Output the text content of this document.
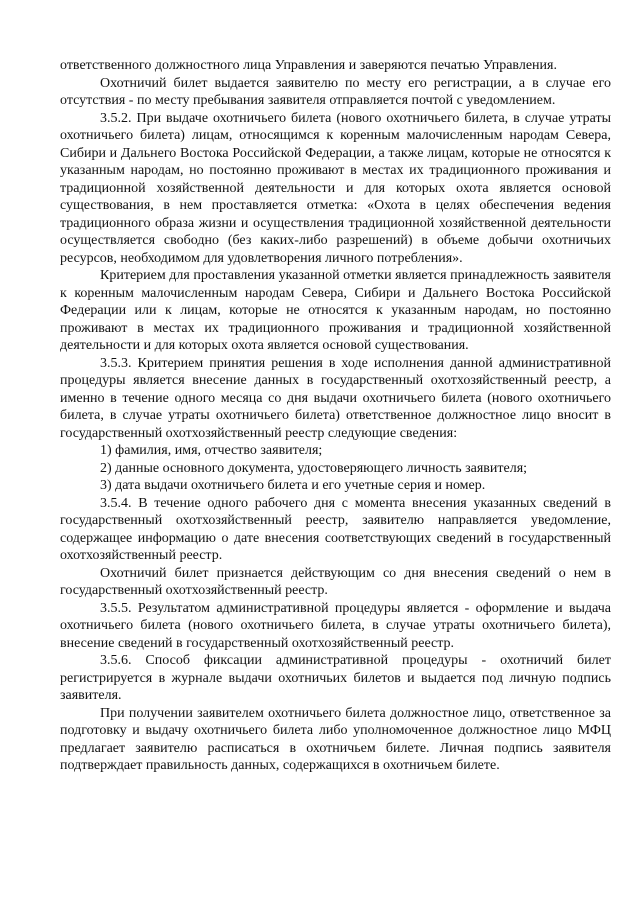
ответственного должностного лица Управления и заверяются печатью Управления.

Охотничий билет выдается заявителю по месту его регистрации, а в случае его отсутствия - по месту пребывания заявителя отправляется почтой с уведомлением.

3.5.2. При выдаче охотничьего билета (нового охотничьего билета, в случае утраты охотничьего билета) лицам, относящимся к коренным малочисленным народам Севера, Сибири и Дальнего Востока Российской Федерации, а также лицам, которые не относятся к указанным народам, но постоянно проживают в местах их традиционного проживания и традиционной хозяйственной деятельности и для которых охота является основой существования, в нем проставляется отметка: «Охота в целях обеспечения ведения традиционного образа жизни и осуществления традиционной хозяйственной деятельности осуществляется свободно (без каких-либо разрешений) в объеме добычи охотничьих ресурсов, необходимом для удовлетворения личного потребления».

Критерием для проставления указанной отметки является принадлежность заявителя к коренным малочисленным народам Севера, Сибири и Дальнего Востока Российской Федерации или к лицам, которые не относятся к указанным народам, но постоянно проживают в местах их традиционного проживания и традиционной хозяйственной деятельности и для которых охота является основой существования.

3.5.3. Критерием принятия решения в ходе исполнения данной административной процедуры является внесение данных в государственный охотхозяйственный реестр, а именно в течение одного месяца со дня выдачи охотничьего билета (нового охотничьего билета, в случае утраты охотничьего билета) ответственное должностное лицо вносит в государственный охотхозяйственный реестр следующие сведения:

1) фамилия, имя, отчество заявителя;

2) данные основного документа, удостоверяющего личность заявителя;

3) дата выдачи охотничьего билета и его учетные серия и номер.

3.5.4. В течение одного рабочего дня с момента внесения указанных сведений в государственный охотхозяйственный реестр, заявителю направляется уведомление, содержащее информацию о дате внесения соответствующих сведений в государственный охотхозяйственный реестр.

Охотничий билет признается действующим со дня внесения сведений о нем в государственный охотхозяйственный реестр.

3.5.5. Результатом административной процедуры является - оформление и выдача охотничьего билета (нового охотничьего билета, в случае утраты охотничьего билета), внесение сведений в государственный охотхозяйственный реестр.

3.5.6. Способ фиксации административной процедуры - охотничий билет регистрируется в журнале выдачи охотничьих билетов и выдается под личную подпись заявителя.

При получении заявителем охотничьего билета должностное лицо, ответственное за подготовку и выдачу охотничьего билета либо уполномоченное должностное лицо МФЦ предлагает заявителю расписаться в охотничьем билете. Личная подпись заявителя подтверждает правильность данных, содержащихся в охотничьем билете.
